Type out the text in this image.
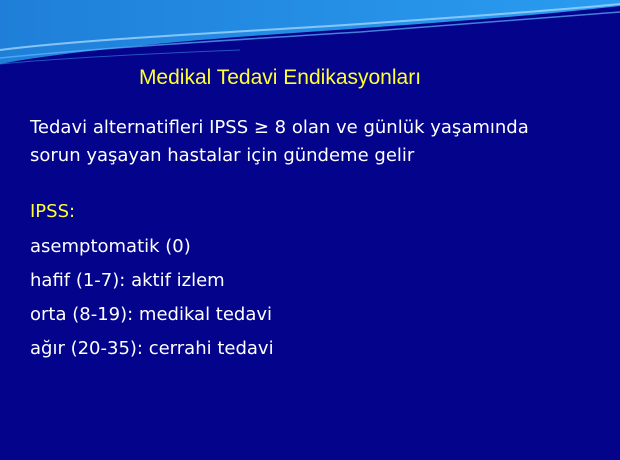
Medikal Tedavi Endikasyonları
Tedavi alternatifleri IPSS ≥ 8 olan ve günlük yaşamında
sorun yaşayan hastalar için gündeme gelir
IPSS:
asemptomatik (0)
hafif (1-7): aktif izlem
orta (8-19): medikal tedavi
ağır (20-35): cerrahi tedavi
